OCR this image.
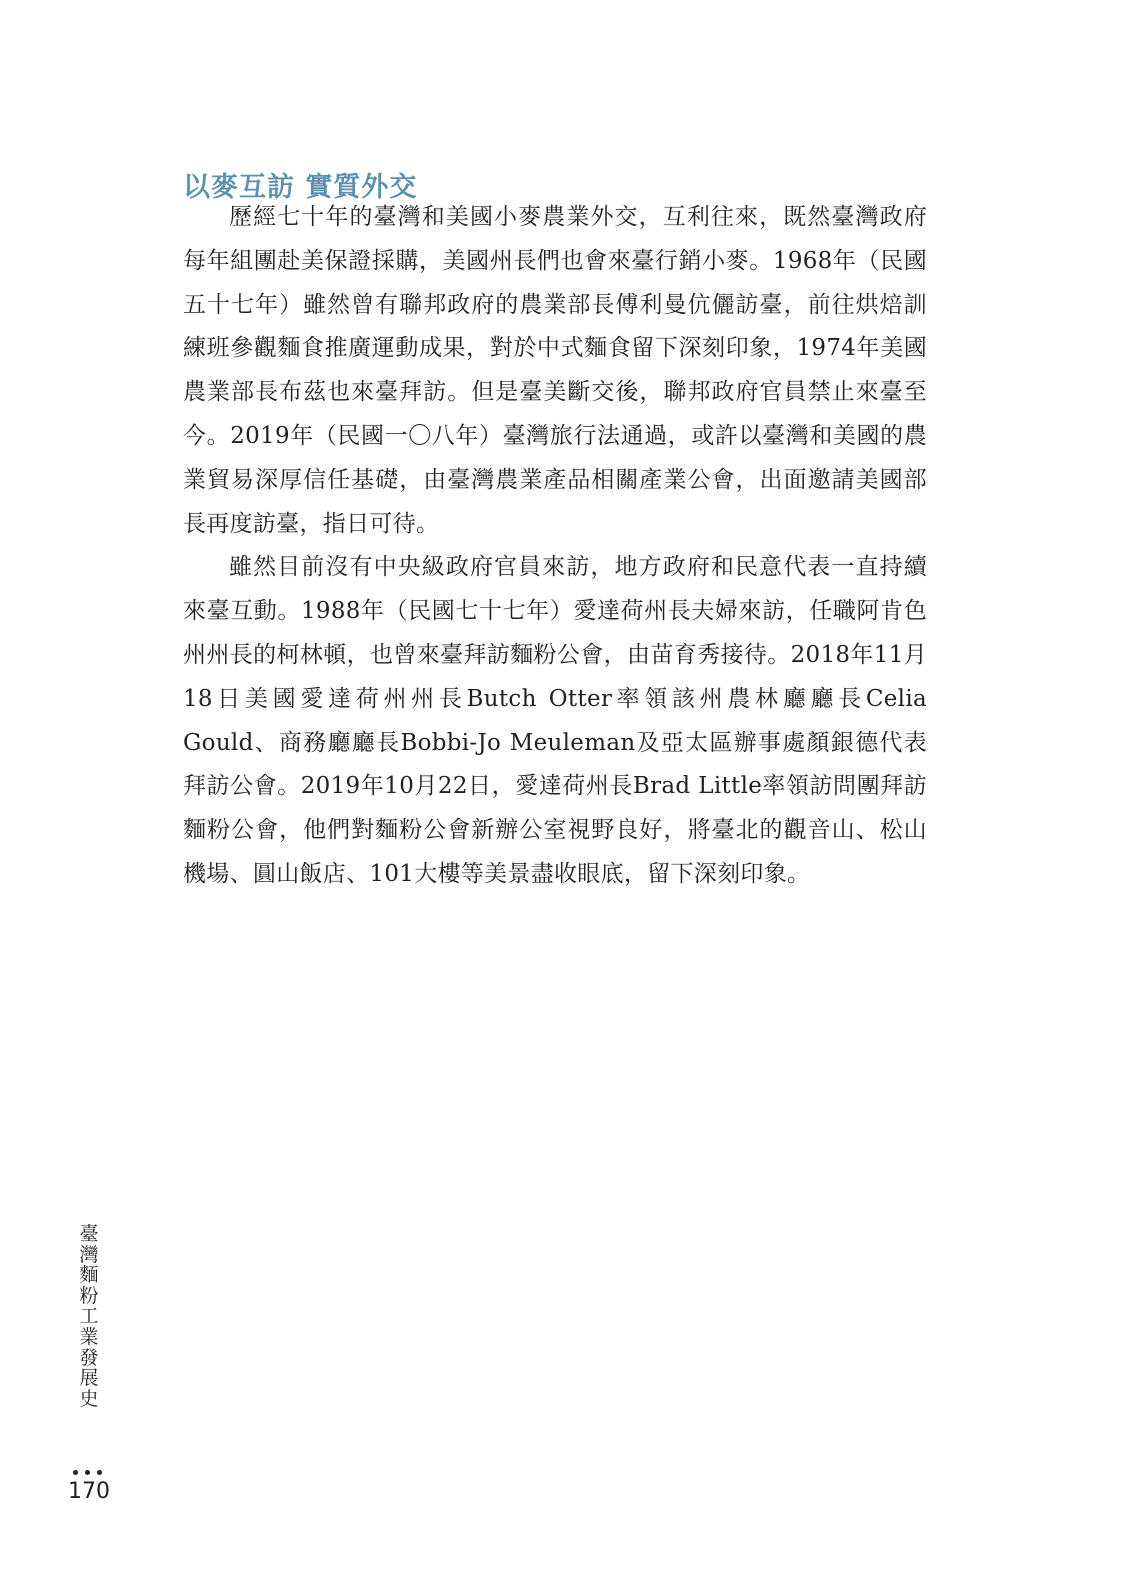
以麥互訪 實質外交

歷經七十年的臺灣和美國小麥農業外交，互利往來，既然臺灣政府每年組團赴美保證採購，美國州長們也會來臺行銷小麥。1968年（民國五十七年）雖然曾有聯邦政府的農業部長傅利曼伉儷訪臺，前往烘焙訓練班參觀麵食推廣運動成果，對於中式麵食留下深刻印象，1974年美國農業部長布茲也來臺拜訪。但是臺美斷交後，聯邦政府官員禁止來臺至今。2019年（民國一〇八年）臺灣旅行法通過，或許以臺灣和美國的農業貿易深厚信任基礎，由臺灣農業產品相關產業公會，出面邀請美國部長再度訪臺，指日可待。

雖然目前沒有中央級政府官員來訪，地方政府和民意代表一直持續來臺互動。1988年（民國七十七年）愛達荷州長夫婦來訪，任職阿肯色州州長的柯林頓，也曾來臺拜訪麵粉公會，由苗育秀接待。2018年11月18日美國愛達荷州州長Butch Otter率領該州農林廳廳長Celia Gould、商務廳廳長Bobbi-Jo Meuleman及亞太區辦事處顏銀德代表拜訪公會。2019年10月22日，愛達荷州長Brad Little率領訪問團拜訪麵粉公會，他們對麵粉公會新辦公室視野良好，將臺北的觀音山、松山機場、圓山飯店、101大樓等美景盡收眼底，留下深刻印象。

臺
灣
麵
粉
工
業
發
展
史
170
